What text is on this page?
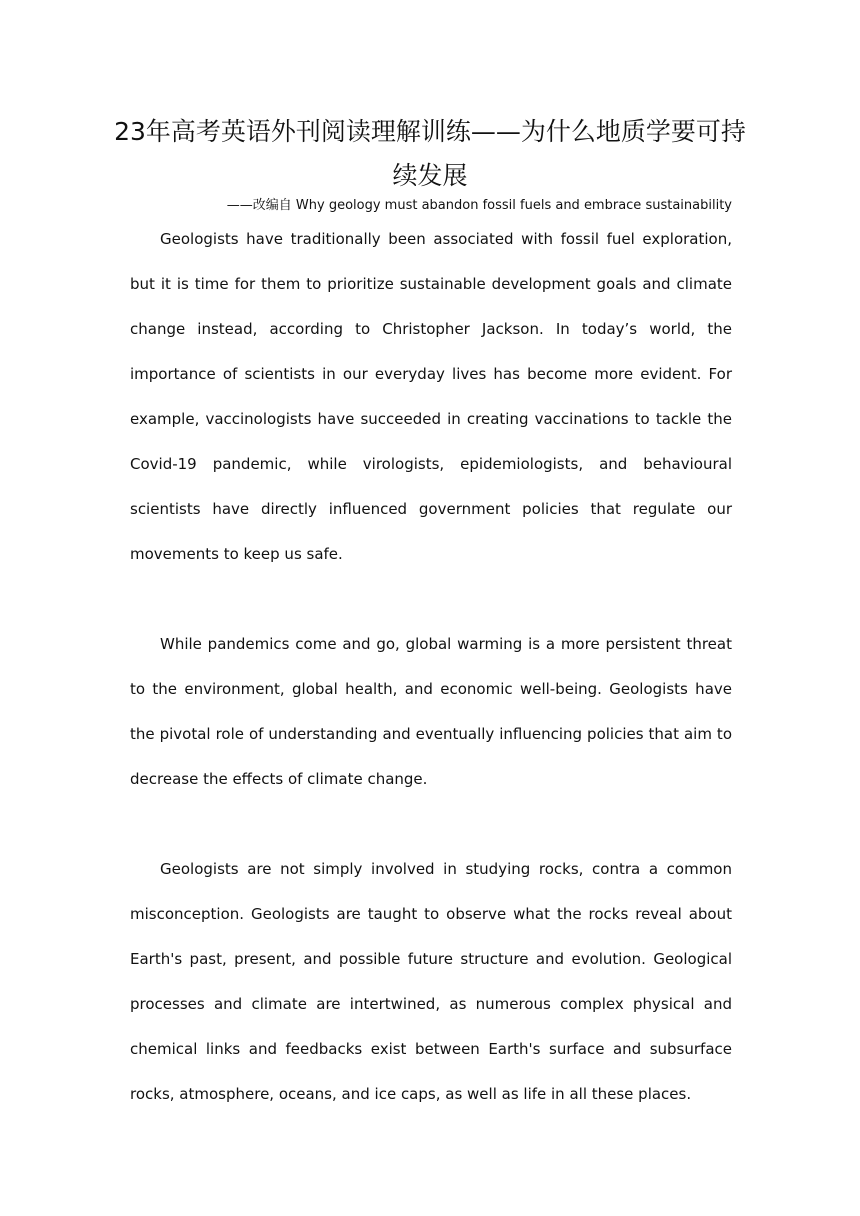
23年高考英语外刊阅读理解训练——为什么地质学要可持续发展

——改编自 Why geology must abandon fossil fuels and embrace sustainability

Geologists have traditionally been associated with fossil fuel exploration, but it is time for them to prioritize sustainable development goals and climate change instead, according to Christopher Jackson. In today’s world, the importance of scientists in our everyday lives has become more evident. For example, vaccinologists have succeeded in creating vaccinations to tackle the Covid-19 pandemic, while virologists, epidemiologists, and behavioural scientists have directly influenced government policies that regulate our movements to keep us safe.

While pandemics come and go, global warming is a more persistent threat to the environment, global health, and economic well-being. Geologists have the pivotal role of understanding and eventually influencing policies that aim to decrease the effects of climate change.

Geologists are not simply involved in studying rocks, contra a common misconception. Geologists are taught to observe what the rocks reveal about Earth's past, present, and possible future structure and evolution. Geological processes and climate are intertwined, as numerous complex physical and chemical links and feedbacks exist between Earth's surface and subsurface rocks, atmosphere, oceans, and ice caps, as well as life in all these places.
